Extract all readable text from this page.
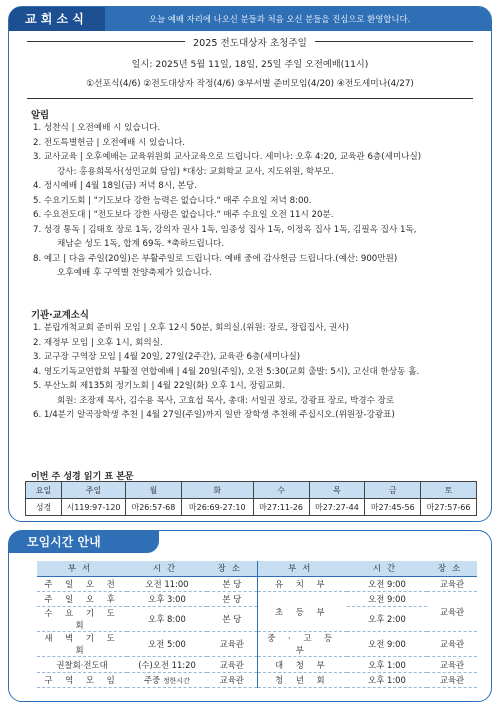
교 회 소 식	오늘 예배 자리에 나오신 분들과 처음 오신 분들을 진심으로 환영합니다.
2025 전도대상자 초청주일
일시: 2025년 5월 11일, 18일, 25일 주일 오전예배(11시)
①선포식(4/6) ②전도대상자 작정(4/6) ③부서별 준비모임(4/20) ④전도세미나(4/27)
알림
1. 성찬식 | 오전예배 시 있습니다.
2. 전도특별헌금 | 오전예배 시 있습니다.
3. 교사교육 | 오후예배는 교육위원회 교사교육으로 드립니다. 세미나: 오후 4:20, 교육관 6층(세미나실)
강사: 홍용희목사(성민교회 담임) *대상: 교회학교 교사, 지도위원, 학부모.
4. 정시예배 | 4월 18일(금) 저녁 8시, 본당.
5. 수요기도회 | "기도보다 강한 능력은 없습니다." 매주 수요일 저녁 8:00.
6. 수요전도대 | "전도보다 강한 사랑은 없습니다." 매주 수요일 오전 11시 20분.
7. 성경 통독 | 김태호 장로 1독, 강의자 권사 1독, 임종성 집사 1독, 이정옥 집사 1독, 김필옥 집사 1독,
채남순 성도 1독, 합계 69독. *축하드립니다.
8. 예고 | 다음 주일(20일)은 부활주일로 드립니다. 예배 중에 감사헌금 드립니다.(예산: 900만원)
오후예배 후 구역별 찬양축제가 있습니다.
기관·교계소식
1. 분립개척교회 준비위 모임 | 오후 12시 50분, 회의실.(위원: 장로, 장립집사, 권사)
2. 재정부 모임 | 오후 1시, 회의실.
3. 교구장 구역장 모임 | 4월 20일, 27일(2주간), 교육관 6층(세미나실)
4. 영도기독교연합회 부활절 연합예배 | 4월 20일(주일), 오전 5:30(교회 출발: 5시), 고신대 한상동 홀.
5. 부산노회 제135회 정기노회 | 4월 22일(화) 오후 1시, 장림교회.
회원: 조장제 목사, 김수용 목사, 고효섭 목사, 총대: 서일권 장로, 강광표 장로, 박경수 장로
6. 1/4분기 알곡장학생 추천 | 4월 27일(주일)까지 일반 장학생 추천해 주십시오.(위원장-강광표)
이번 주 성경 읽기 표 본문
요일	주일	월	화	수	목	금	토
성경	시119:97-120	마26:57-68	마26:69-27:10	마27:11-26	마27:27-44	마27:45-56	마27:57-66
모임시간 안내
부서	시간	장소	부서	시간	장소
주 일 오 전	오전 11:00	본 당	유 치 부	오전 9:00	교육관
주 일 오 후	오후 3:00	본 당	초 등 부	오전 9:00	교육관
수 요 기 도 회	오후 8:00	본 당		오후 2:00	
새 벽 기 도 회	오전 5:00	교육관	중 · 고 등 부	오전 9:00	교육관
권찰회·전도대	(수)오전 11:20	교육관	대 청 부	오후 1:00	교육관
구 역 모 임	주중 정한시간	교육관	청 년 회	오후 1:00	교육관
